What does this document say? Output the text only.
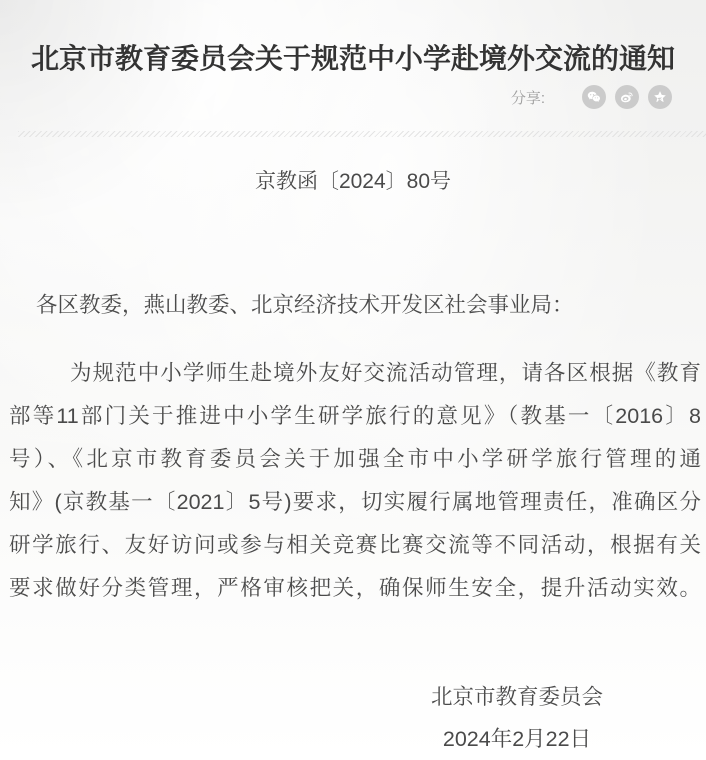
北京市教育委员会关于规范中小学赴境外交流的通知
分享:
京教函〔2024〕80号
各区教委，燕山教委、北京经济技术开发区社会事业局：
为规范中小学师生赴境外友好交流活动管理，请各区根据《教育
部等11部门关于推进中小学生研学旅行的意见》（教基一〔2016〕8
号）、《北京市教育委员会关于加强全市中小学研学旅行管理的通
知》(京教基一〔2021〕5号)要求，切实履行属地管理责任，准确区分
研学旅行、友好访问或参与相关竞赛比赛交流等不同活动，根据有关
要求做好分类管理，严格审核把关，确保师生安全，提升活动实效。
北京市教育委员会
2024年2月22日
